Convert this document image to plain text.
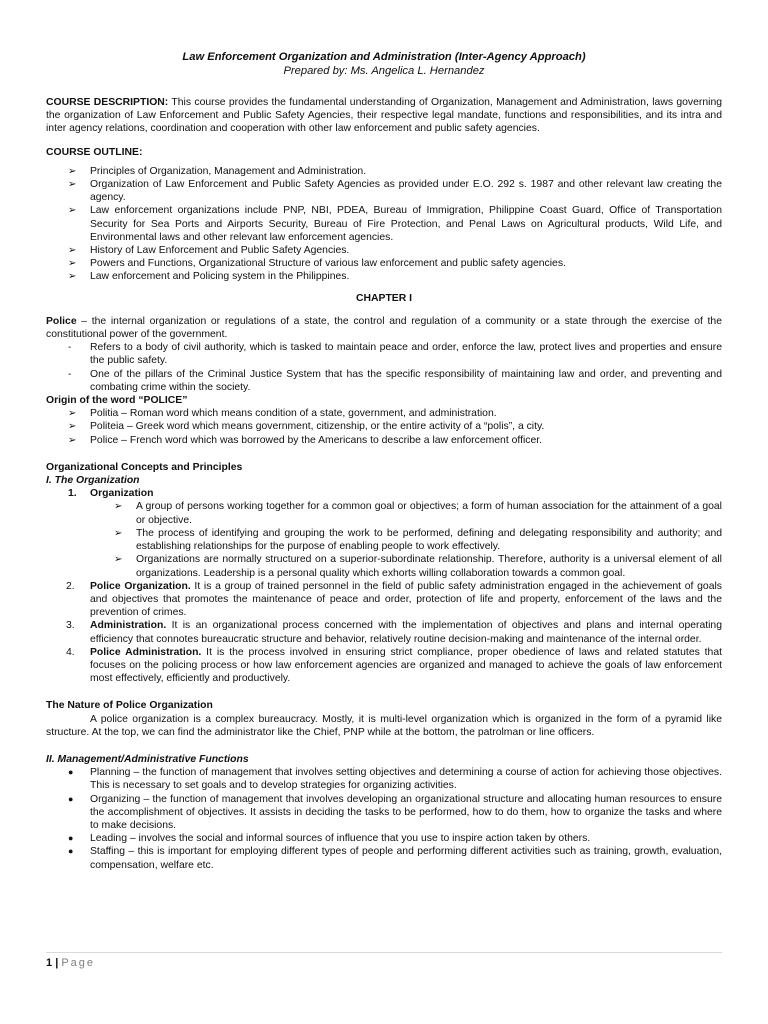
Law Enforcement Organization and Administration (Inter-Agency Approach)
Prepared by: Ms. Angelica L. Hernandez
COURSE DESCRIPTION: This course provides the fundamental understanding of Organization, Management and Administration, laws governing the organization of Law Enforcement and Public Safety Agencies, their respective legal mandate, functions and responsibilities, and its intra and inter agency relations, coordination and cooperation with other law enforcement and public safety agencies.
COURSE OUTLINE:
➢ Principles of Organization, Management and Administration.
➢ Organization of Law Enforcement and Public Safety Agencies as provided under E.O. 292 s. 1987 and other relevant law creating the agency.
➢ Law enforcement organizations include PNP, NBI, PDEA, Bureau of Immigration, Philippine Coast Guard, Office of Transportation Security for Sea Ports and Airports Security, Bureau of Fire Protection, and Penal Laws on Agricultural products, Wild Life, and Environmental laws and other relevant law enforcement agencies.
➢ History of Law Enforcement and Public Safety Agencies.
➢ Powers and Functions, Organizational Structure of various law enforcement and public safety agencies.
➢ Law enforcement and Policing system in the Philippines.
CHAPTER I
Police – the internal organization or regulations of a state, the control and regulation of a community or a state through the exercise of the constitutional power of the government.
- Refers to a body of civil authority, which is tasked to maintain peace and order, enforce the law, protect lives and properties and ensure the public safety.
- One of the pillars of the Criminal Justice System that has the specific responsibility of maintaining law and order, and preventing and combating crime within the society.
Origin of the word “POLICE”
➢ Politia – Roman word which means condition of a state, government, and administration.
➢ Politeia – Greek word which means government, citizenship, or the entire activity of a “polis”, a city.
➢ Police – French word which was borrowed by the Americans to describe a law enforcement officer.
Organizational Concepts and Principles
I. The Organization
1. Organization
➢ A group of persons working together for a common goal or objectives; a form of human association for the attainment of a goal or objective.
➢ The process of identifying and grouping the work to be performed, defining and delegating responsibility and authority; and establishing relationships for the purpose of enabling people to work effectively.
➢ Organizations are normally structured on a superior-subordinate relationship. Therefore, authority is a universal element of all organizations. Leadership is a personal quality which exhorts willing collaboration towards a common goal.
2. Police Organization. It is a group of trained personnel in the field of public safety administration engaged in the achievement of goals and objectives that promotes the maintenance of peace and order, protection of life and property, enforcement of the laws and the prevention of crimes.
3. Administration. It is an organizational process concerned with the implementation of objectives and plans and internal operating efficiency that connotes bureaucratic structure and behavior, relatively routine decision-making and maintenance of the internal order.
4. Police Administration. It is the process involved in ensuring strict compliance, proper obedience of laws and related statutes that focuses on the policing process or how law enforcement agencies are organized and managed to achieve the goals of law enforcement most effectively, efficiently and productively.
The Nature of Police Organization
A police organization is a complex bureaucracy. Mostly, it is multi-level organization which is organized in the form of a pyramid like structure. At the top, we can find the administrator like the Chief, PNP while at the bottom, the patrolman or line officers.
II. Management/Administrative Functions
● Planning – the function of management that involves setting objectives and determining a course of action for achieving those objectives. This is necessary to set goals and to develop strategies for organizing activities.
● Organizing – the function of management that involves developing an organizational structure and allocating human resources to ensure the accomplishment of objectives. It assists in deciding the tasks to be performed, how to do them, how to organize the tasks and where to make decisions.
● Leading – involves the social and informal sources of influence that you use to inspire action taken by others.
● Staffing – this is important for employing different types of people and performing different activities such as training, growth, evaluation, compensation, welfare etc.
1 | Page
